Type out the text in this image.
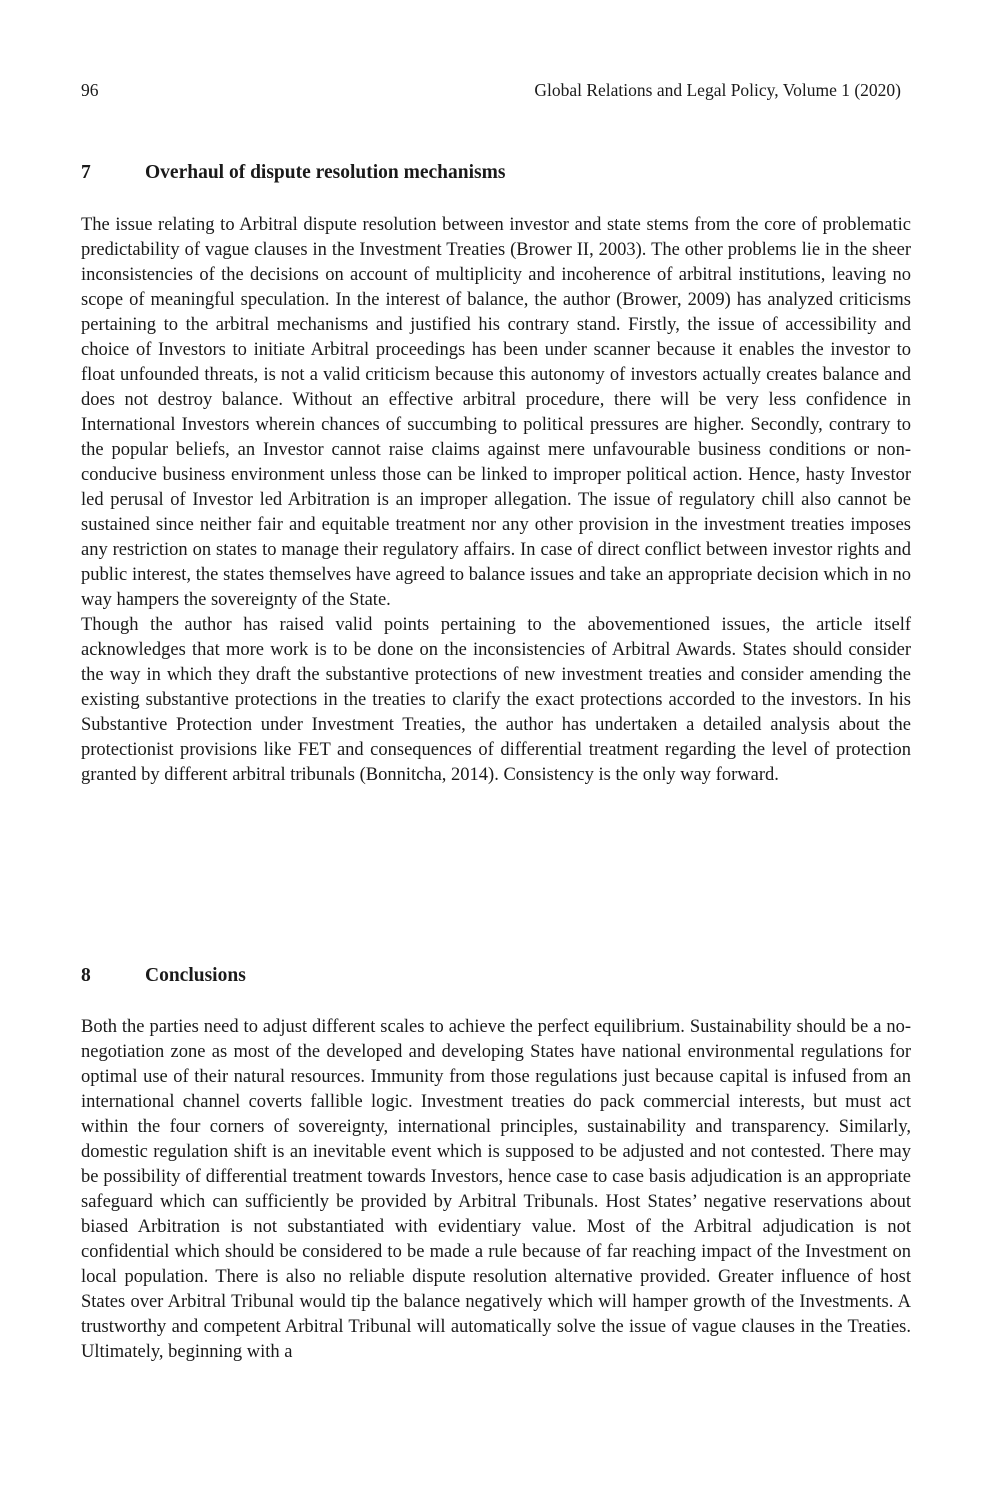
96	Global Relations and Legal Policy, Volume 1 (2020)
7	Overhaul of dispute resolution mechanisms

The issue relating to Arbitral dispute resolution between investor and state stems from the core of problematic predictability of vague clauses in the Investment Treaties (Brower II, 2003). The other problems lie in the sheer inconsistencies of the decisions on account of multiplicity and incoherence of arbitral institutions, leaving no scope of meaningful speculation. In the interest of balance, the author (Brower, 2009) has analyzed criticisms pertaining to the arbitral mechanisms and justified his contrary stand. Firstly, the issue of accessibility and choice of Investors to initiate Arbitral proceedings has been under scanner because it enables the investor to float unfounded threats, is not a valid criticism because this autonomy of investors actually creates balance and does not destroy balance. Without an effective arbitral procedure, there will be very less confidence in International Investors wherein chances of succumbing to political pressures are higher. Secondly, contrary to the popular beliefs, an Investor cannot raise claims against mere unfavourable business conditions or non-conducive business environment unless those can be linked to improper political action. Hence, hasty Investor led perusal of Investor led Arbitration is an improper allegation. The issue of regulatory chill also cannot be sustained since neither fair and equitable treatment nor any other provision in the investment treaties imposes any restriction on states to manage their regulatory affairs. In case of direct conflict between investor rights and public interest, the states themselves have agreed to balance issues and take an appropriate decision which in no way hampers the sovereignty of the State.

Though the author has raised valid points pertaining to the abovementioned issues, the article itself acknowledges that more work is to be done on the inconsistencies of Arbitral Awards. States should consider the way in which they draft the substantive protections of new investment treaties and consider amending the existing substantive protections in the treaties to clarify the exact protections accorded to the investors. In his Substantive Protection under Investment Treaties, the author has undertaken a detailed analysis about the protectionist provisions like FET and consequences of differential treatment regarding the level of protection granted by different arbitral tribunals (Bonnitcha, 2014). Consistency is the only way forward.

8	Conclusions

Both the parties need to adjust different scales to achieve the perfect equilibrium. Sustainability should be a no-negotiation zone as most of the developed and developing States have national environmental regulations for optimal use of their natural resources. Immunity from those regulations just because capital is infused from an international channel coverts fallible logic. Investment treaties do pack commercial interests, but must act within the four corners of sovereignty, international principles, sustainability and transparency. Similarly, domestic regulation shift is an inevitable event which is supposed to be adjusted and not contested. There may be possibility of differential treatment towards Investors, hence case to case basis adjudication is an appropriate safeguard which can sufficiently be provided by Arbitral Tribunals. Host States’ negative reservations about biased Arbitration is not substantiated with evidentiary value. Most of the Arbitral adjudication is not confidential which should be considered to be made a rule because of far reaching impact of the Investment on local population. There is also no reliable dispute resolution alternative provided. Greater influence of host States over Arbitral Tribunal would tip the balance negatively which will hamper growth of the Investments. A trustworthy and competent Arbitral Tribunal will automatically solve the issue of vague clauses in the Treaties. Ultimately, beginning with a
